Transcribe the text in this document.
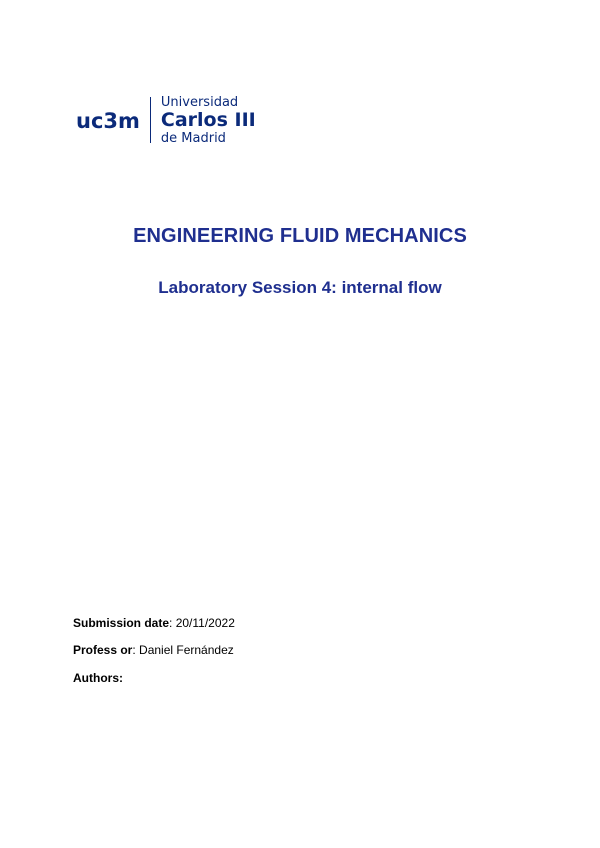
uc3m
Universidad
Carlos III
de Madrid
ENGINEERING FLUID MECHANICS
Laboratory Session 4: internal flow
Submission date: 20/11/2022
Profess or: Daniel Fernández
Authors:
